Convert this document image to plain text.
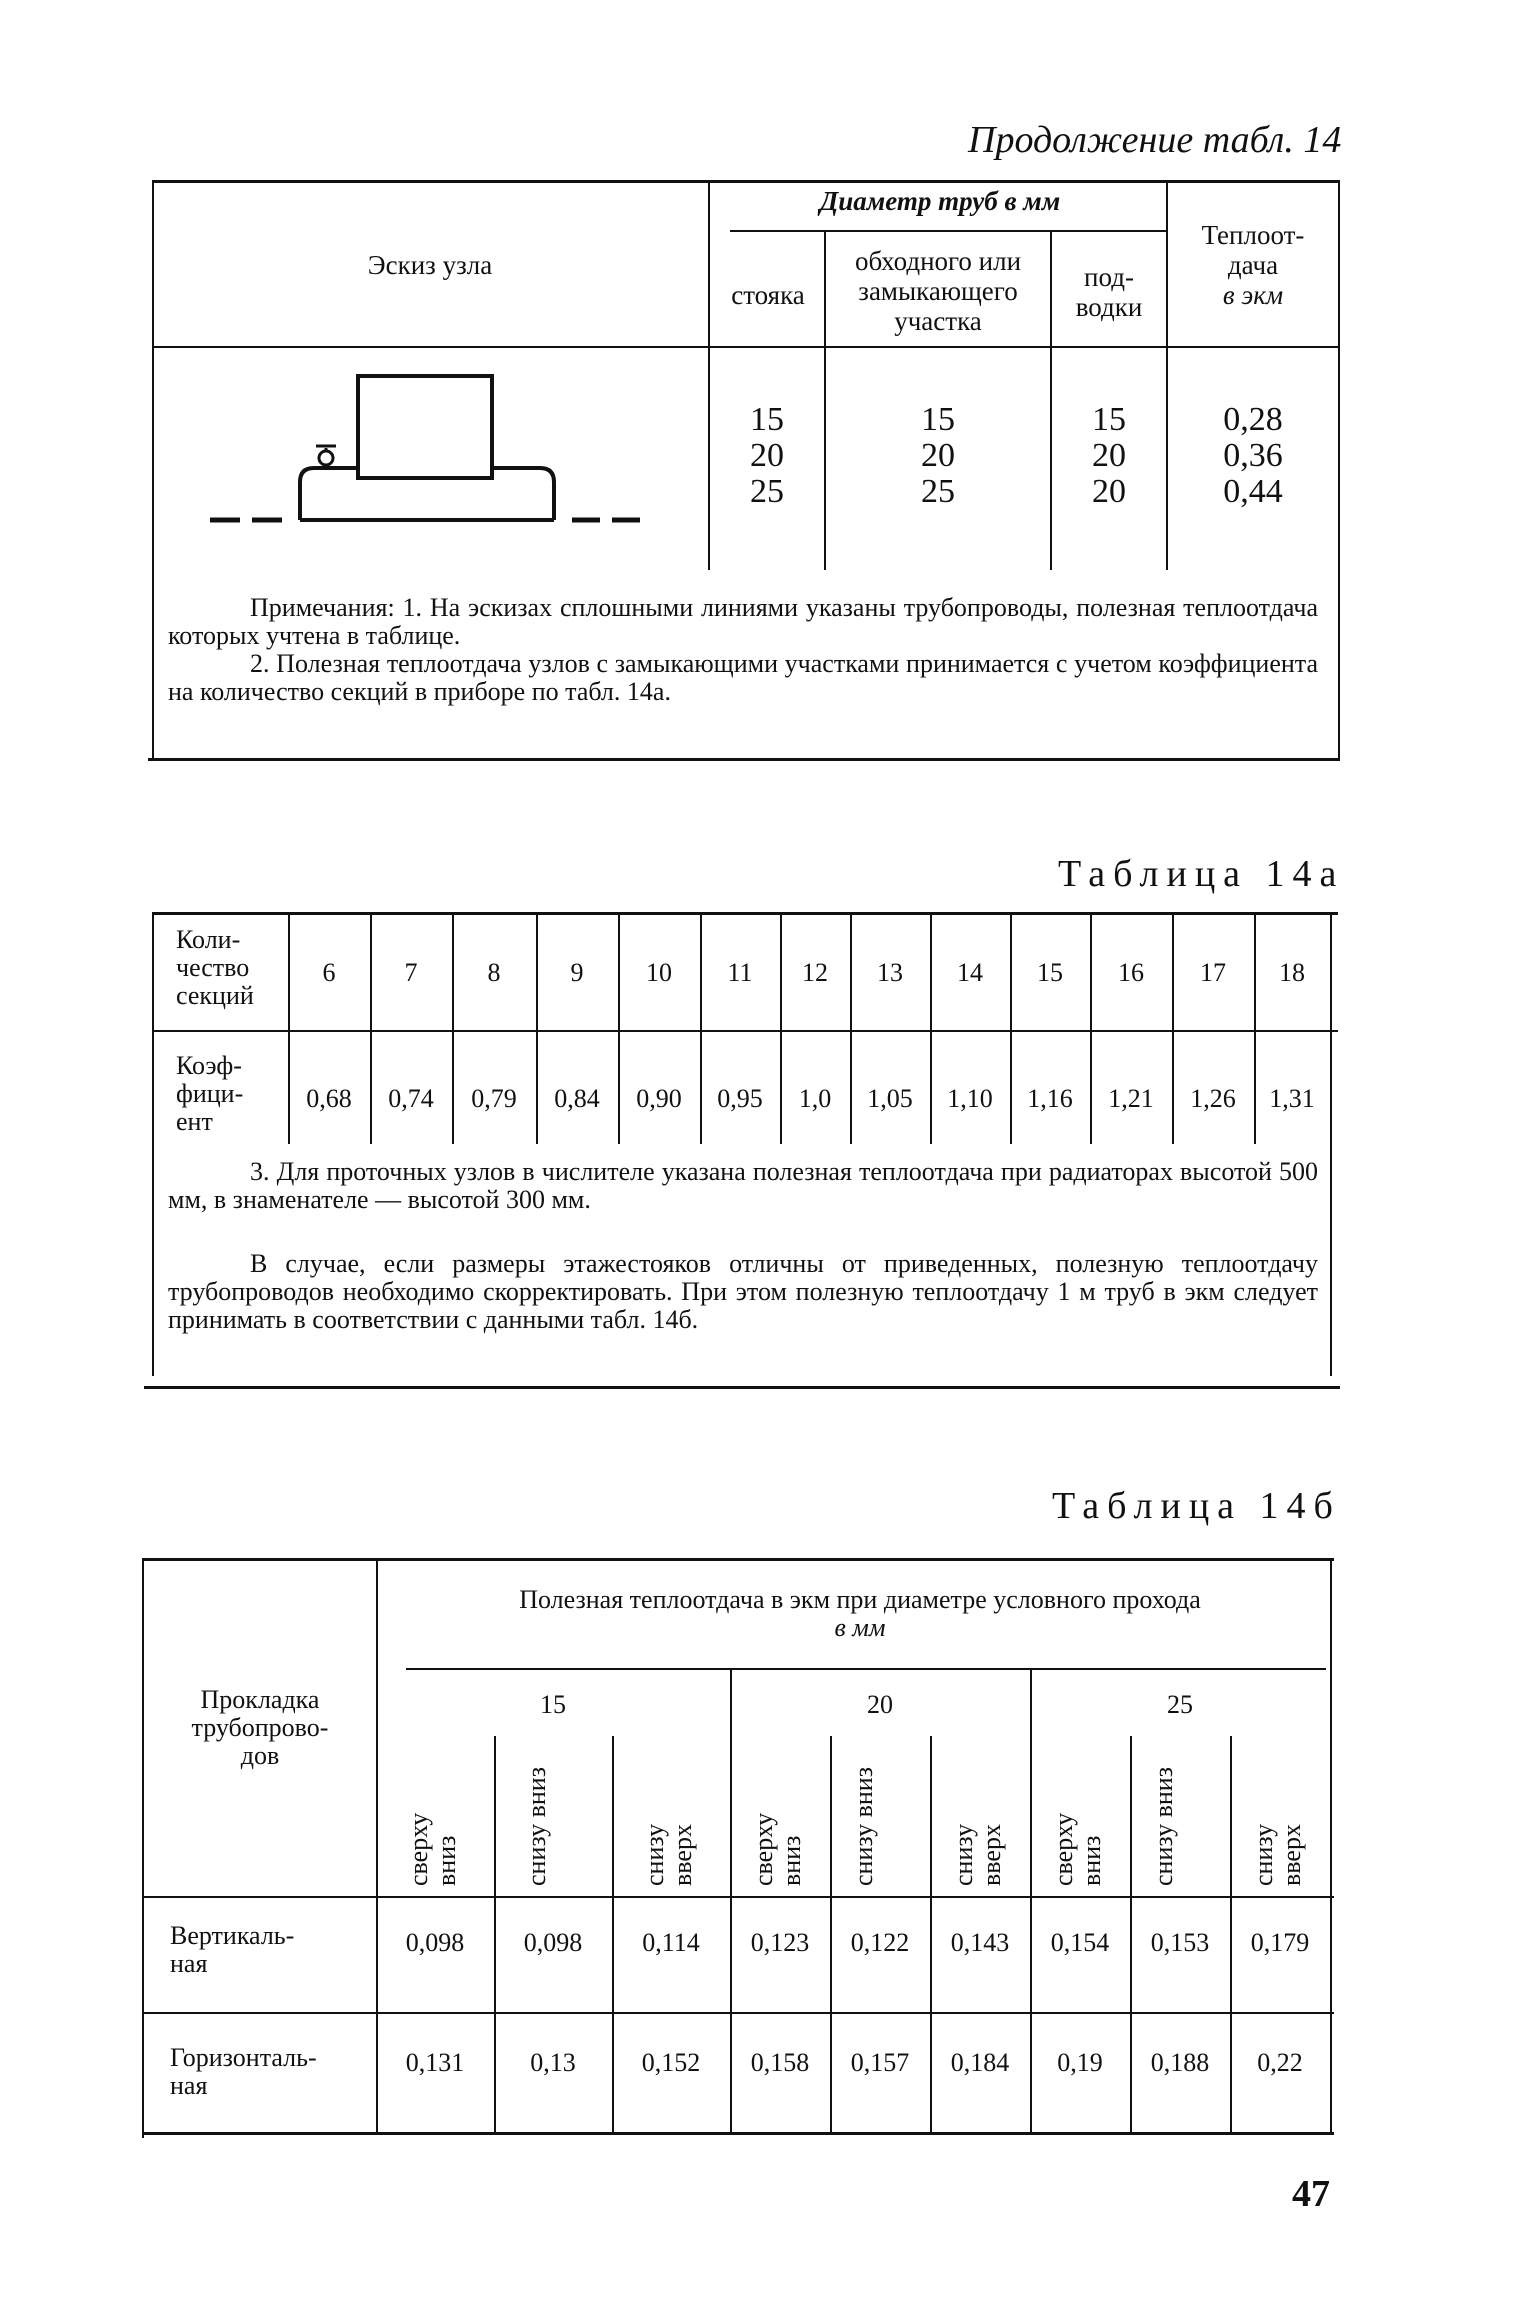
Продолжение табл. 14
Эскиз узла
Диаметр труб в мм
стояка
обходного или
замыкающего
участка
под-
водки
Теплоот-
дача
в экм
15
20
25
15
20
25
15
20
20
0,28
0,36
0,44
Примечания: 1. На эскизах сплошными линиями указаны трубопроводы, полезная теплоотдача которых учтена в таблице.
2. Полезная теплоотдача узлов с замыкающими участками принимается с учетом коэффициента на количество секций в приборе по табл. 14а.
Таблица 14а
Коли-
чество
секций
Коэф-
фици-
ент
6
0,68
7
0,74
8
0,79
9
0,84
10
0,90
11
0,95
12
1,0
13
1,05
14
1,10
15
1,16
16
1,21
17
1,26
18
1,31
3. Для проточных узлов в числителе указана полезная теплоотдача при радиаторах высотой 500 мм, в знаменателе — высотой 300 мм.
В случае, если размеры этажестояков отличны от приведенных, полезную теплоотдачу трубопроводов необходимо скорректировать. При этом полезную теплоотдачу 1 м труб в экм следует принимать в соответствии с данными табл. 14б.
Таблица 14б
Прокладка
трубопрово-
дов
Полезная теплоотдача в экм при диаметре условного прохода
в мм
15	20	25
сверху вниз
0,098
0,131
снизу вниз
0,098
0,13
снизу вверх
0,114
0,152
сверху вниз
0,123
0,158
снизу вниз
0,122
0,157
снизу вверх
0,143
0,184
сверху вниз
0,154
0,19
снизу вниз
0,153
0,188
снизу вверх
0,179
0,22
Вертикаль-
ная
Горизонталь-
ная
47
